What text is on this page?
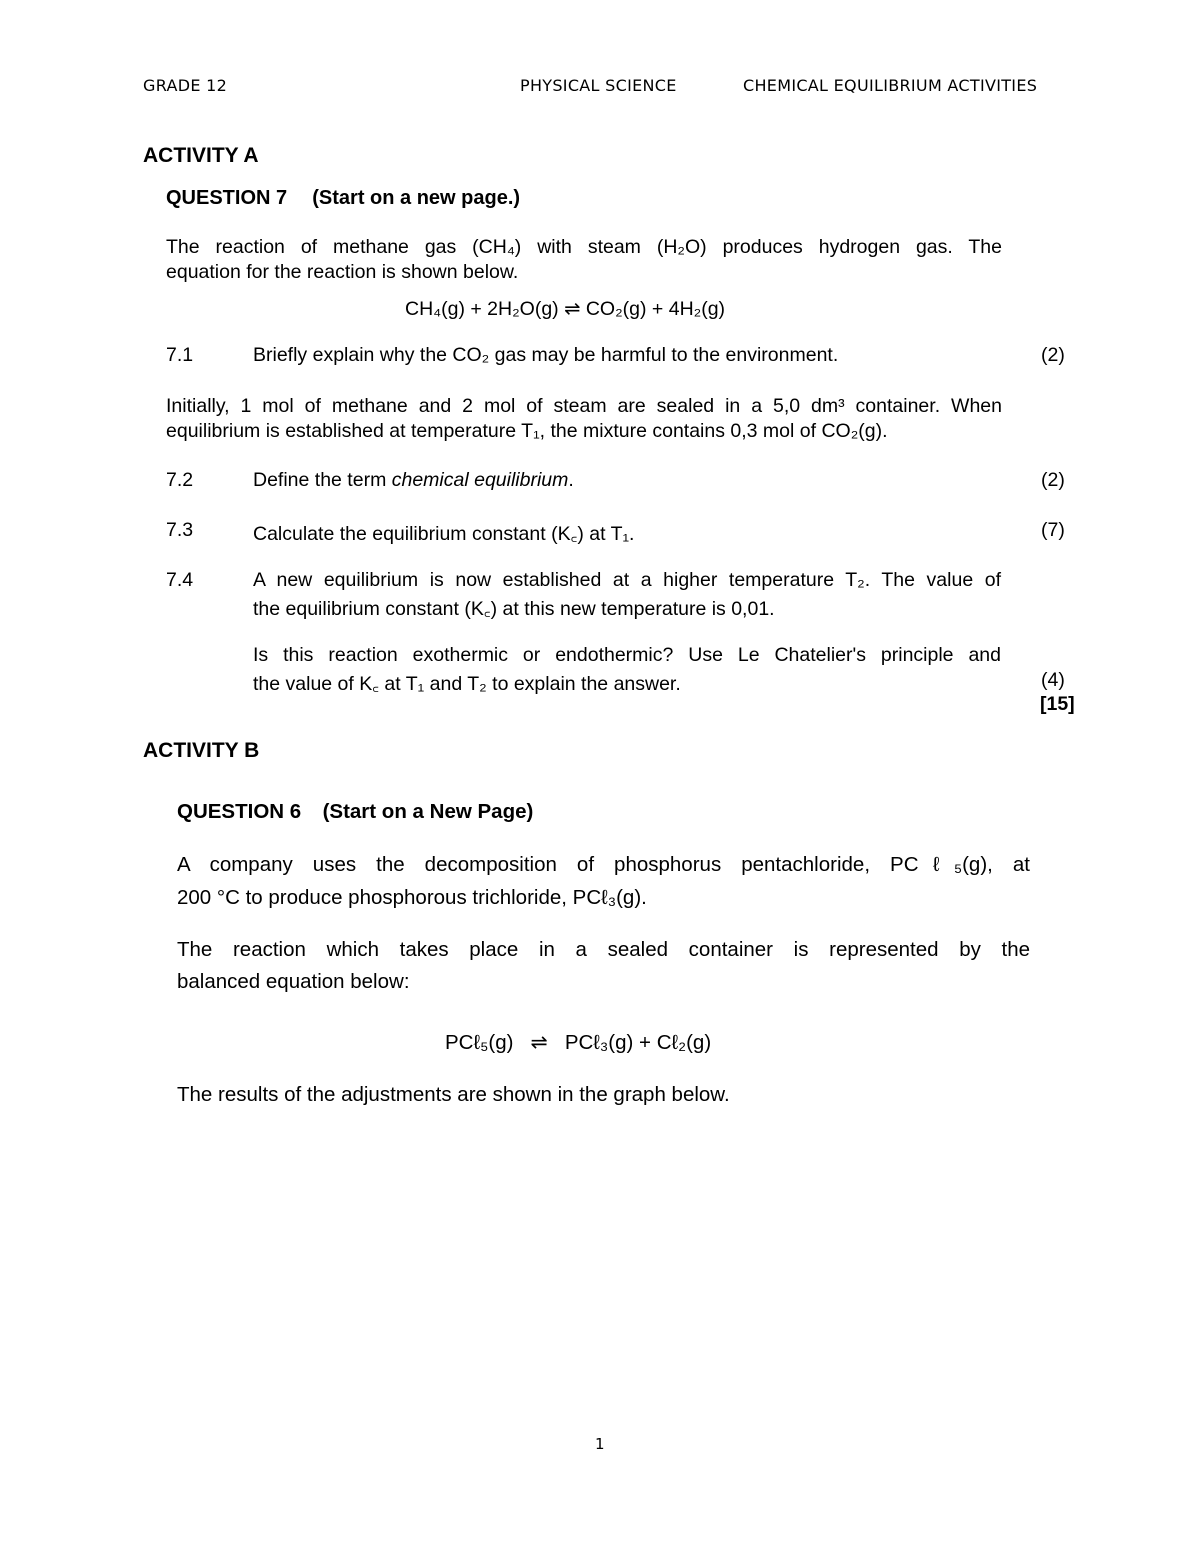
GRADE 12	PHYSICAL SCIENCE	CHEMICAL EQUILIBRIUM ACTIVITIES
ACTIVITY A
QUESTION 7 (Start on a new page.)
The reaction of methane gas (CH₄) with steam (H₂O) produces hydrogen gas. The
equation for the reaction is shown below.
CH₄(g) + 2H₂O(g) ⇌ CO₂(g) + 4H₂(g)
7.1	Briefly explain why the CO₂ gas may be harmful to the environment.	(2)
Initially, 1 mol of methane and 2 mol of steam are sealed in a 5,0 dm³ container. When
equilibrium is established at temperature T₁, the mixture contains 0,3 mol of CO₂(g).
7.2	Define the term chemical equilibrium.	(2)
7.3	Calculate the equilibrium constant (K꜀) at T₁.	(7)
7.4	A new equilibrium is now established at a higher temperature T₂. The value of
the equilibrium constant (K꜀) at this new temperature is 0,01.
Is this reaction exothermic or endothermic? Use Le Chatelier's principle and
the value of K꜀ at T₁ and T₂ to explain the answer.	(4)
[15]
ACTIVITY B
QUESTION 6 (Start on a New Page)
A company uses the decomposition of phosphorus pentachloride, PCℓ₅(g), at
200 °C to produce phosphorous trichloride, PCℓ₃(g).
The reaction which takes place in a sealed container is represented by the
balanced equation below:
PCℓ₅(g) ⇌ PCℓ₃(g) + Cℓ₂(g)
The results of the adjustments are shown in the graph below.
1
